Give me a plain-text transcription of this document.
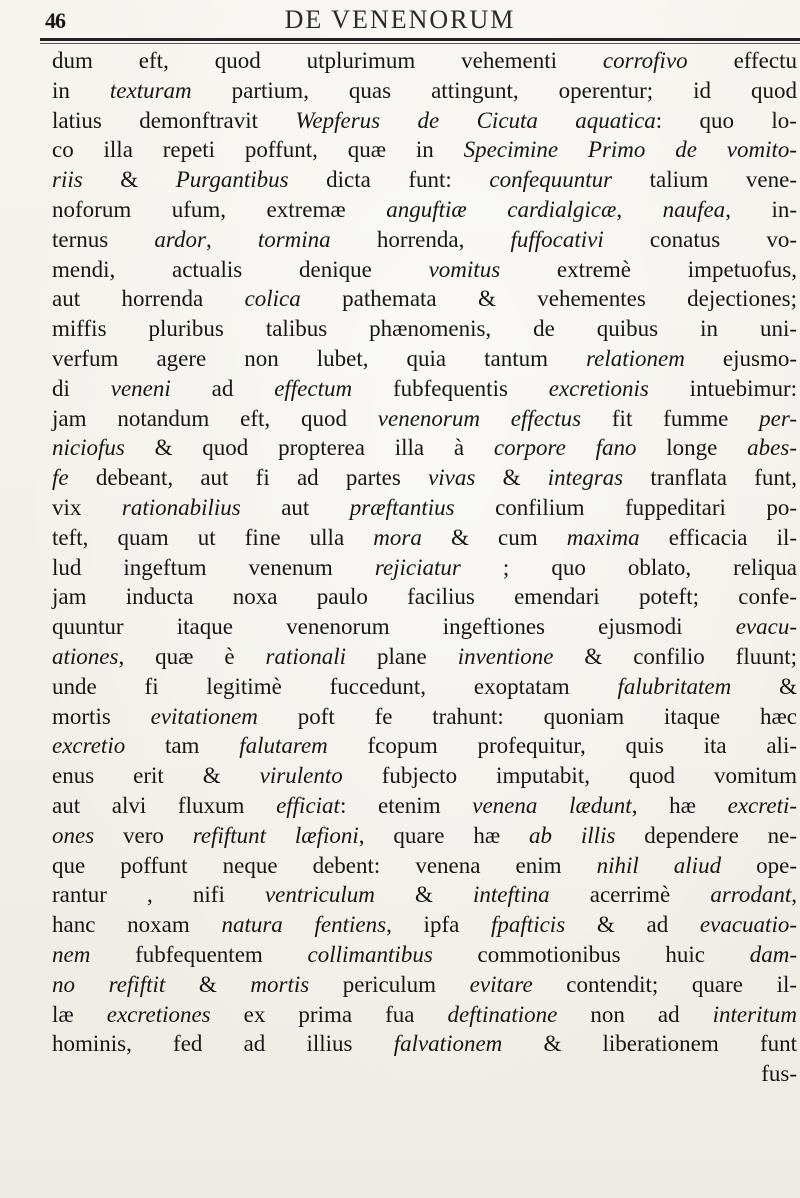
46	DE VENENORUM
dum eft, quod utplurimum vehementi corrofivo effectu
in texturam partium, quas attingunt, operentur; id quod
latius demonftravit Wepferus de Cicuta aquatica: quo lo-
co illa repeti poffunt, quæ in Specimine Primo de vomito-
riis & Purgantibus dicta funt: confequuntur talium vene-
noforum ufum, extremæ anguftiæ cardialgicæ, naufea, in-
ternus ardor, tormina horrenda, fuffocativi conatus vo-
mendi, actualis denique vomitus extremè impetuofus,
aut horrenda colica pathemata & vehementes dejectiones;
miffis pluribus talibus phænomenis, de quibus in uni-
verfum agere non lubet, quia tantum relationem ejusmo-
di veneni ad effectum fubfequentis excretionis intuebimur:
jam notandum eft, quod venenorum effectus fit fumme per-
niciofus & quod propterea illa à corpore fano longe abes-
fe debeant, aut fi ad partes vivas & integras tranflata funt,
vix rationabilius aut præftantius confilium fuppeditari po-
teft, quam ut fine ulla mora & cum maxima efficacia il-
lud ingeftum venenum rejiciatur ; quo oblato, reliqua
jam inducta noxa paulo facilius emendari poteft; confe-
quuntur itaque venenorum ingeftiones ejusmodi evacu-
ationes, quæ è rationali plane inventione & confilio fluunt;
unde fi legitimè fuccedunt, exoptatam falubritatem &
mortis evitationem poft fe trahunt: quoniam itaque hæc
excretio tam falutarem fcopum profequitur, quis ita ali-
enus erit & virulento fubjecto imputabit, quod vomitum
aut alvi fluxum efficiat: etenim venena lædunt, hæ excreti-
ones vero refiftunt læfioni, quare hæ ab illis dependere ne-
que poffunt neque debent: venena enim nihil aliud ope-
rantur , nifi ventriculum & inteftina acerrimè arrodant,
hanc noxam natura fentiens, ipfa fpafticis & ad evacuatio-
nem fubfequentem collimantibus commotionibus huic dam-
no refiftit & mortis periculum evitare contendit; quare il-
læ excretiones ex prima fua deftinatione non ad interitum
hominis, fed ad illius falvationem & liberationem funt
fus-
